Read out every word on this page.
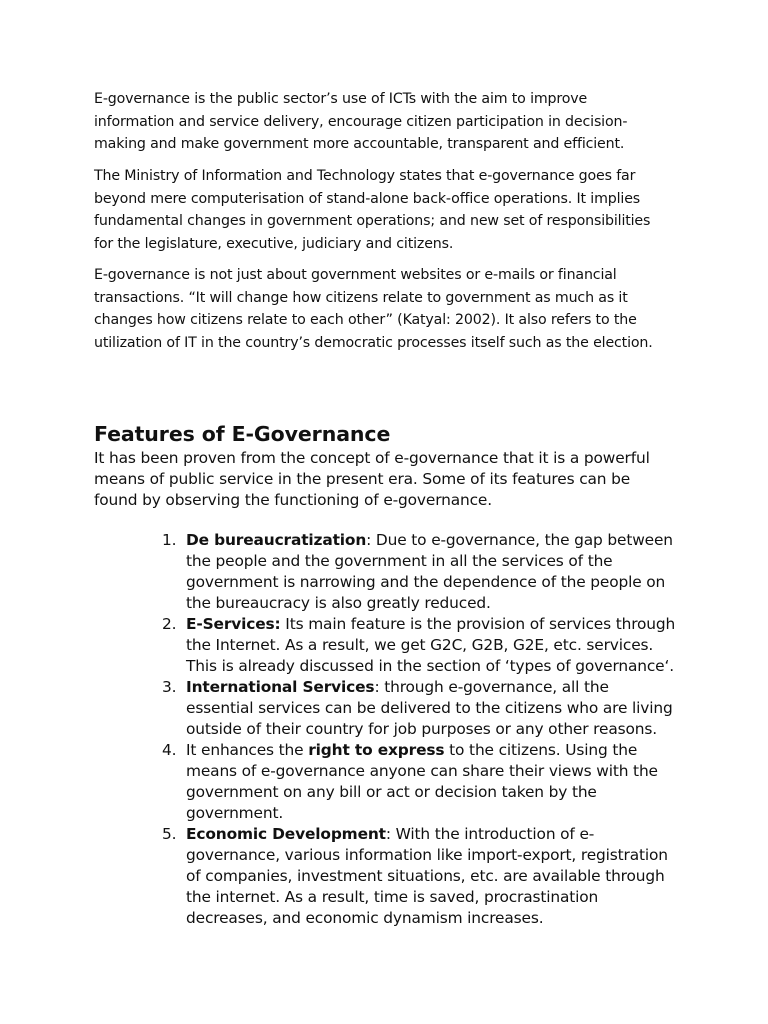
E-governance is the public sector’s use of ICTs with the aim to improve information and service delivery, encourage citizen participation in decision-making and make government more accountable, transparent and efficient.

The Ministry of Information and Technology states that e-governance goes far beyond mere computerisation of stand-alone back-office operations. It implies fundamental changes in government operations; and new set of responsibilities for the legislature, executive, judiciary and citizens.

E-governance is not just about government websites or e-mails or financial transactions. “It will change how citizens relate to government as much as it changes how citizens relate to each other” (Katyal: 2002). It also refers to the utilization of IT in the country’s democratic processes itself such as the election.

Features of E-Governance

It has been proven from the concept of e-governance that it is a powerful means of public service in the present era. Some of its features can be found by observing the functioning of e-governance.

1. De bureaucratization: Due to e-governance, the gap between the people and the government in all the services of the government is narrowing and the dependence of the people on the bureaucracy is also greatly reduced.
2. E-Services: Its main feature is the provision of services through the Internet. As a result, we get G2C, G2B, G2E, etc. services. This is already discussed in the section of ‘types of governance‘.
3. International Services: through e-governance, all the essential services can be delivered to the citizens who are living outside of their country for job purposes or any other reasons.
4. It enhances the right to express to the citizens. Using the means of e-governance anyone can share their views with the government on any bill or act or decision taken by the government.
5. Economic Development: With the introduction of e-governance, various information like import-export, registration of companies, investment situations, etc. are available through the internet. As a result, time is saved, procrastination decreases, and economic dynamism increases.
